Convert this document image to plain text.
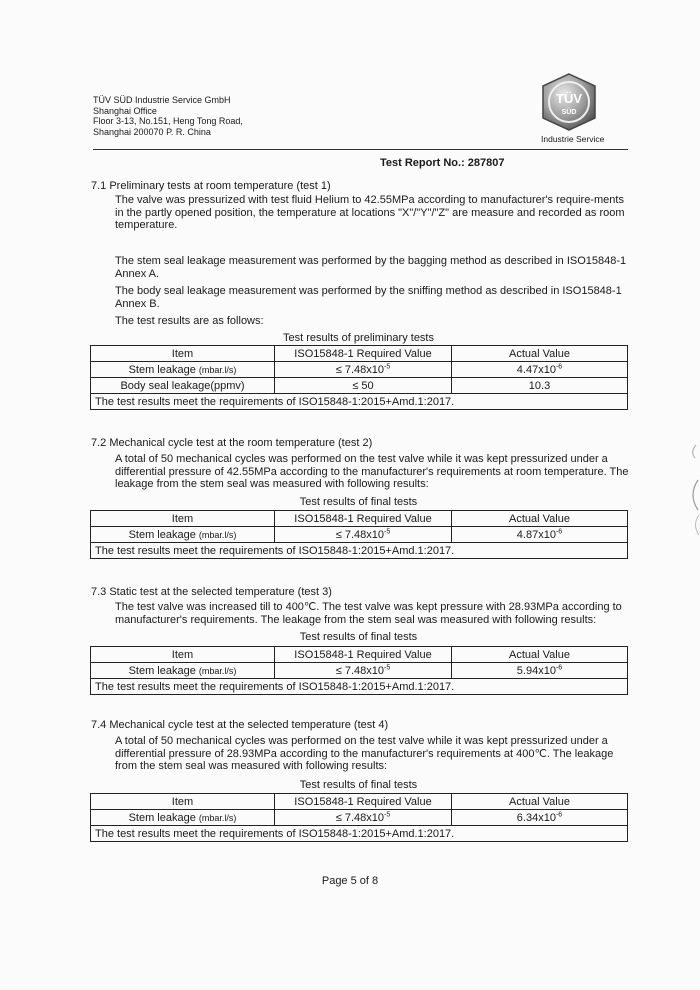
TÜV SÜD Industrie Service GmbH
Shanghai Office
Floor 3-13, No.151, Heng Tong Road,
Shanghai 200070 P. R. China
TÜV
SÜD
Industrie Service
Test Report No.: 287807
7.1 Preliminary tests at room temperature (test 1)
The valve was pressurized with test fluid Helium to 42.55MPa according to manufacturer's require-ments in the partly opened position, the temperature at locations "X"/"Y"/"Z" are measure and recorded as room temperature.
The stem seal leakage measurement was performed by the bagging method as described in ISO15848-1 Annex A.
The body seal leakage measurement was performed by the sniffing method as described in ISO15848-1 Annex B.
The test results are as follows:
Test results of preliminary tests
Item	ISO15848-1 Required Value	Actual Value
Stem leakage (mbar.l/s)	≤ $7.48x10^{-5}$	$4.47x10^{-6}$
Body seal leakage(ppmv)	≤ 50	10.3
The test results meet the requirements of ISO15848-1:2015+Amd.1:2017.		
7.2 Mechanical cycle test at the room temperature (test 2)
A total of 50 mechanical cycles was performed on the test valve while it was kept pressurized under a differential pressure of 42.55MPa according to the manufacturer's requirements at room temperature. The leakage from the stem seal was measured with following results:
Test results of final tests
Item	ISO15848-1 Required Value	Actual Value
Stem leakage (mbar.l/s)	≤ $7.48x10^{-5}$	$4.87x10^{-6}$
The test results meet the requirements of ISO15848-1:2015+Amd.1:2017.		
7.3 Static test at the selected temperature (test 3)
The test valve was increased till to 400℃. The test valve was kept pressure with 28.93MPa according to manufacturer's requirements. The leakage from the stem seal was measured with following results:
Test results of final tests
Item	ISO15848-1 Required Value	Actual Value
Stem leakage (mbar.l/s)	≤ $7.48x10^{-5}$	$5.94x10^{-6}$
The test results meet the requirements of ISO15848-1:2015+Amd.1:2017.		
7.4 Mechanical cycle test at the selected temperature (test 4)
A total of 50 mechanical cycles was performed on the test valve while it was kept pressurized under a differential pressure of 28.93MPa according to the manufacturer's requirements at 400℃. The leakage from the stem seal was measured with following results:
Test results of final tests
Item	ISO15848-1 Required Value	Actual Value
Stem leakage (mbar.l/s)	≤ $7.48x10^{-5}$	$6.34x10^{-6}$
The test results meet the requirements of ISO15848-1:2015+Amd.1:2017.		
Page 5 of 8
